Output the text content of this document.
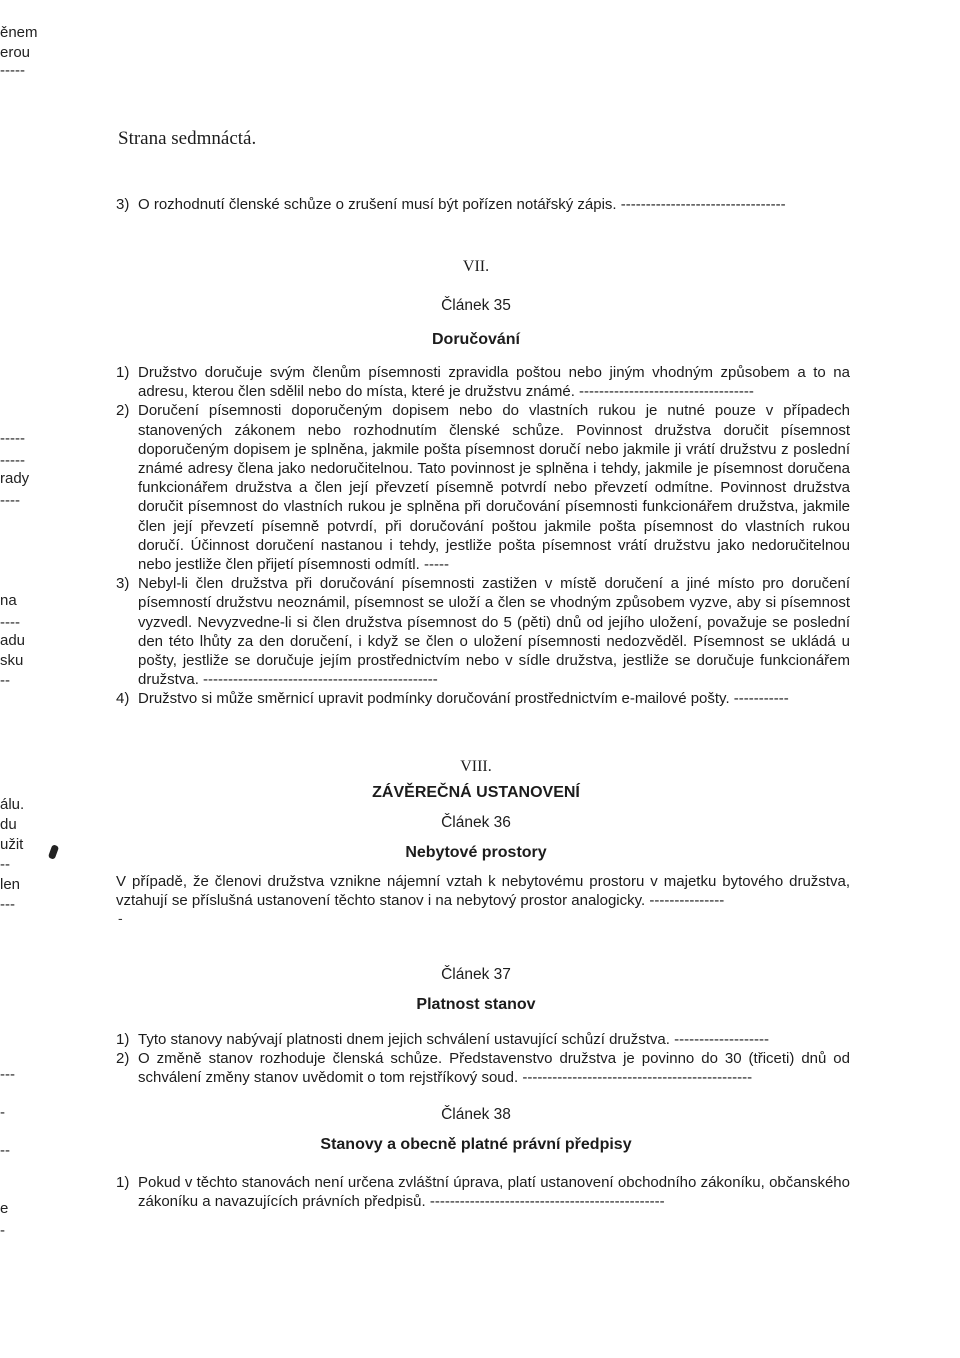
ěnem
erou
-----
-----
-----
rady
----
na
----
adu
sku
--
álu.
du
užit
--
len
---
---
-
--
e
-
Strana sedmnáctá.

3) O rozhodnutí členské schůze o zrušení musí být pořízen notářský zápis. ---------------------------------

VII.
Článek 35
Doručování

1) Družstvo doručuje svým členům písemnosti zpravidla poštou nebo jiným vhodným způsobem a to na adresu, kterou člen sdělil nebo do místa, které je družstvu známé. -----------------------------------

2) Doručení písemnosti doporučeným dopisem nebo do vlastních rukou je nutné pouze v případech stanovených zákonem nebo rozhodnutím členské schůze. Povinnost družstva doručit písemnost doporučeným dopisem je splněna, jakmile pošta písemnost doručí nebo jakmile ji vrátí družstvu z poslední známé adresy člena jako nedoručitelnou. Tato povinnost je splněna i tehdy, jakmile je písemnost doručena funkcionářem družstva a člen její převzetí písemně potvrdí nebo převzetí odmítne. Povinnost družstva doručit písemnost do vlastních rukou je splněna při doručování písemnosti funkcionářem družstva, jakmile člen její převzetí písemně potvrdí, při doručování poštou jakmile pošta písemnost do vlastních rukou doručí. Účinnost doručení nastanou i tehdy, jestliže pošta písemnost vrátí družstvu jako nedoručitelnou nebo jestliže člen přijetí písemnosti odmítl. -----

3) Nebyl-li člen družstva při doručování písemnosti zastižen v místě doručení a jiné místo pro doručení písemností družstvu neoznámil, písemnost se uloží a člen se vhodným způsobem vyzve, aby si písemnost vyzvedl. Nevyzvedne-li si člen družstva písemnost do 5 (pěti) dnů od jejího uložení, považuje se poslední den této lhůty za den doručení, i když se člen o uložení písemnosti nedozvěděl. Písemnost se ukládá u pošty, jestliže se doručuje jejím prostřednictvím nebo v sídle družstva, jestliže se doručuje funkcionářem družstva. -----------------------------------------------

4) Družstvo si může směrnicí upravit podmínky doručování prostřednictvím e-mailové pošty. -----------

VIII.
ZÁVĚREČNÁ USTANOVENÍ
Článek 36
Nebytové prostory

V případě, že členovi družstva vznikne nájemní vztah k nebytovému prostoru v majetku bytového družstva, vztahují se příslušná ustanovení těchto stanov i na nebytový prostor analogicky. ---------------

-
Článek 37
Platnost stanov

1) Tyto stanovy nabývají platnosti dnem jejich schválení ustavující schůzí družstva. -------------------

2) O změně stanov rozhoduje členská schůze. Představenstvo družstva je povinno do 30 (třiceti) dnů od schválení změny stanov uvědomit o tom rejstříkový soud. ----------------------------------------------

Článek 38
Stanovy a obecně platné právní předpisy

1) Pokud v těchto stanovách není určena zvláštní úprava, platí ustanovení obchodního zákoníku, občanského zákoníku a navazujících právních předpisů. -----------------------------------------------
